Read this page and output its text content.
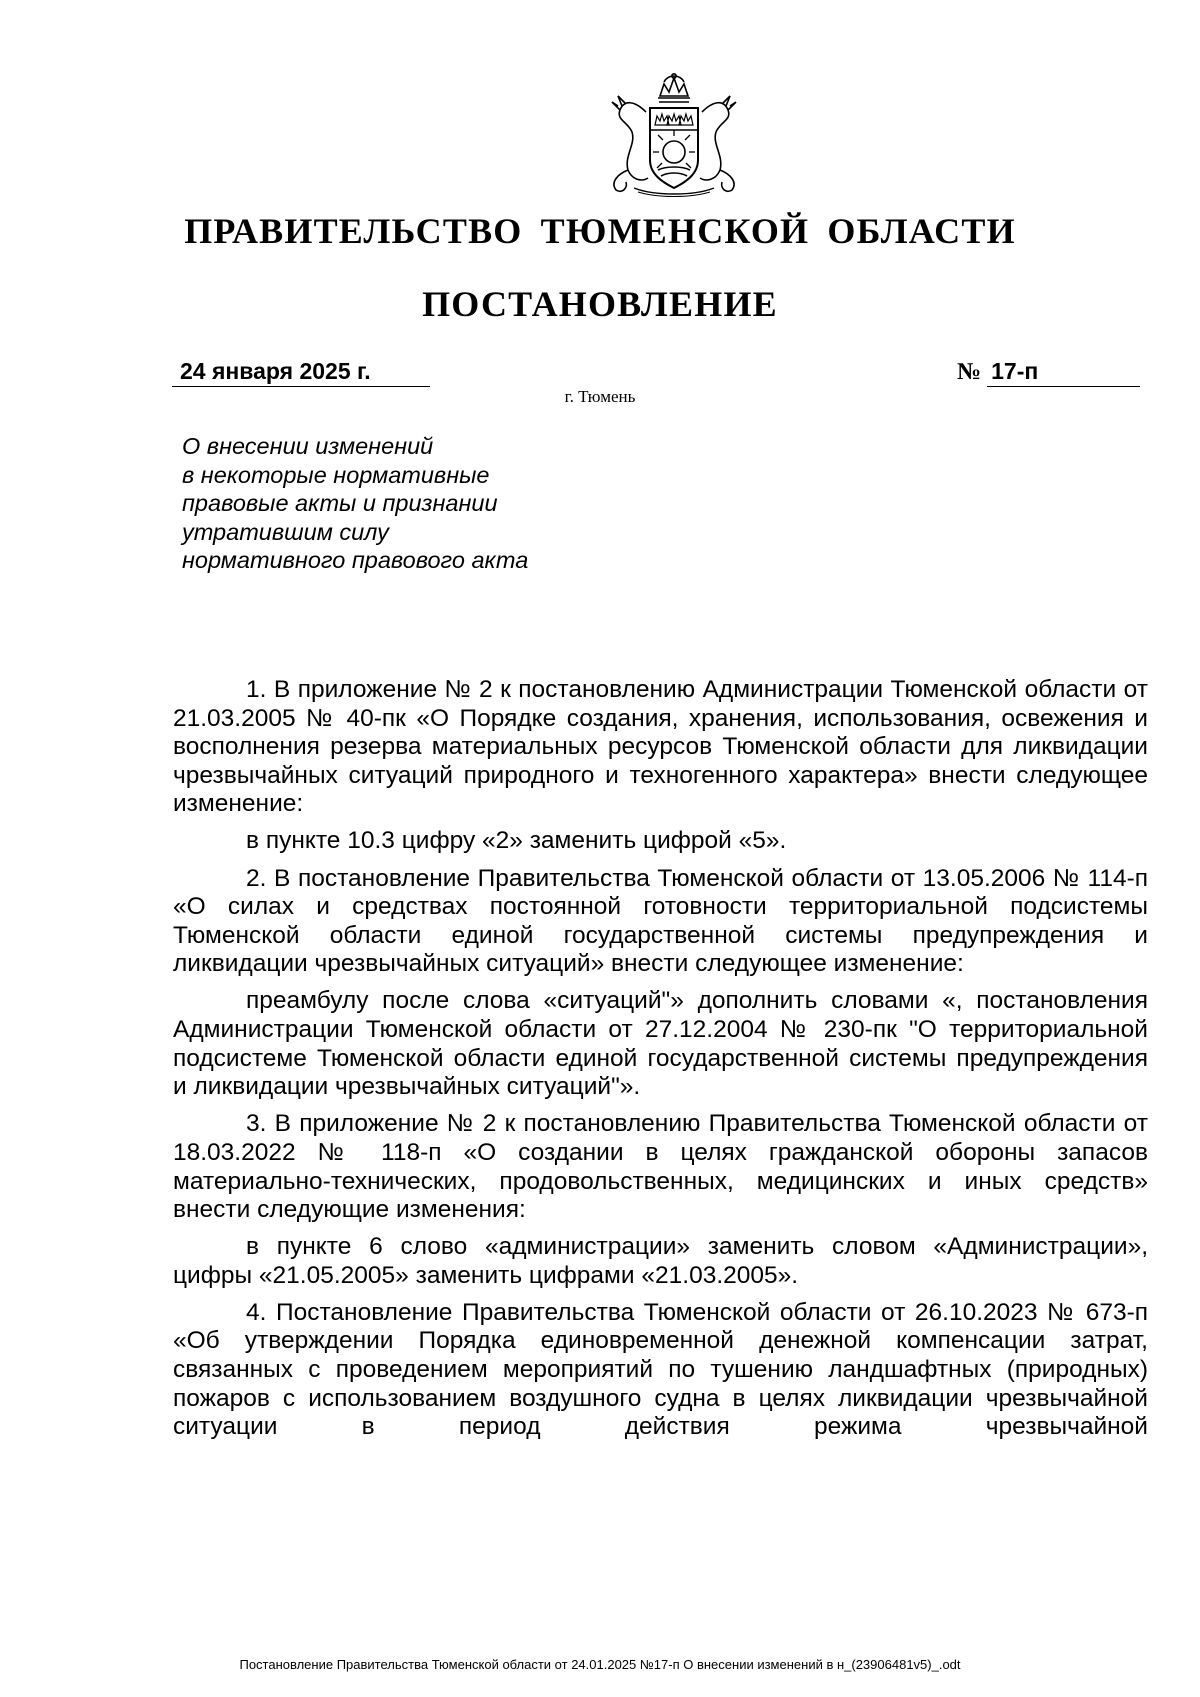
ПРАВИТЕЛЬСТВО ТЮМЕНСКОЙ ОБЛАСТИ
ПОСТАНОВЛЕНИЕ
24 января 2025 г.	№ 17-п
г. Тюмень
О внесении изменений
в некоторые нормативные
правовые акты и признании
утратившим силу
нормативного правового акта

1. В приложение № 2 к постановлению Администрации Тюменской области от 21.03.2005 № 40-пк «О Порядке создания, хранения, использования, освежения и восполнения резерва материальных ресурсов Тюменской области для ликвидации чрезвычайных ситуаций природного и техногенного характера» внести следующее изменение:

в пункте 10.3 цифру «2» заменить цифрой «5».

2. В постановление Правительства Тюменской области от 13.05.2006 № 114-п «О силах и средствах постоянной готовности территориальной подсистемы Тюменской области единой государственной системы предупреждения и ликвидации чрезвычайных ситуаций» внести следующее изменение:

преамбулу после слова «ситуаций"» дополнить словами «, постановления Администрации Тюменской области от 27.12.2004 № 230-пк "О территориальной подсистеме Тюменской области единой государственной системы предупреждения и ликвидации чрезвычайных ситуаций"».

3. В приложение № 2 к постановлению Правительства Тюменской области от 18.03.2022 № 118-п «О создании в целях гражданской обороны запасов материально-технических, продовольственных, медицинских и иных средств» внести следующие изменения:

в пункте 6 слово «администрации» заменить словом «Администрации», цифры «21.05.2005» заменить цифрами «21.03.2005».

4. Постановление Правительства Тюменской области от 26.10.2023 № 673-п «Об утверждении Порядка единовременной денежной компенсации затрат, связанных с проведением мероприятий по тушению ландшафтных (природных) пожаров с использованием воздушного судна в целях ликвидации чрезвычайной ситуации в период действия режима чрезвычайной

Постановление Правительства Тюменской области от 24.01.2025 №17-п О внесении изменений в н_(23906481v5)_.odt
